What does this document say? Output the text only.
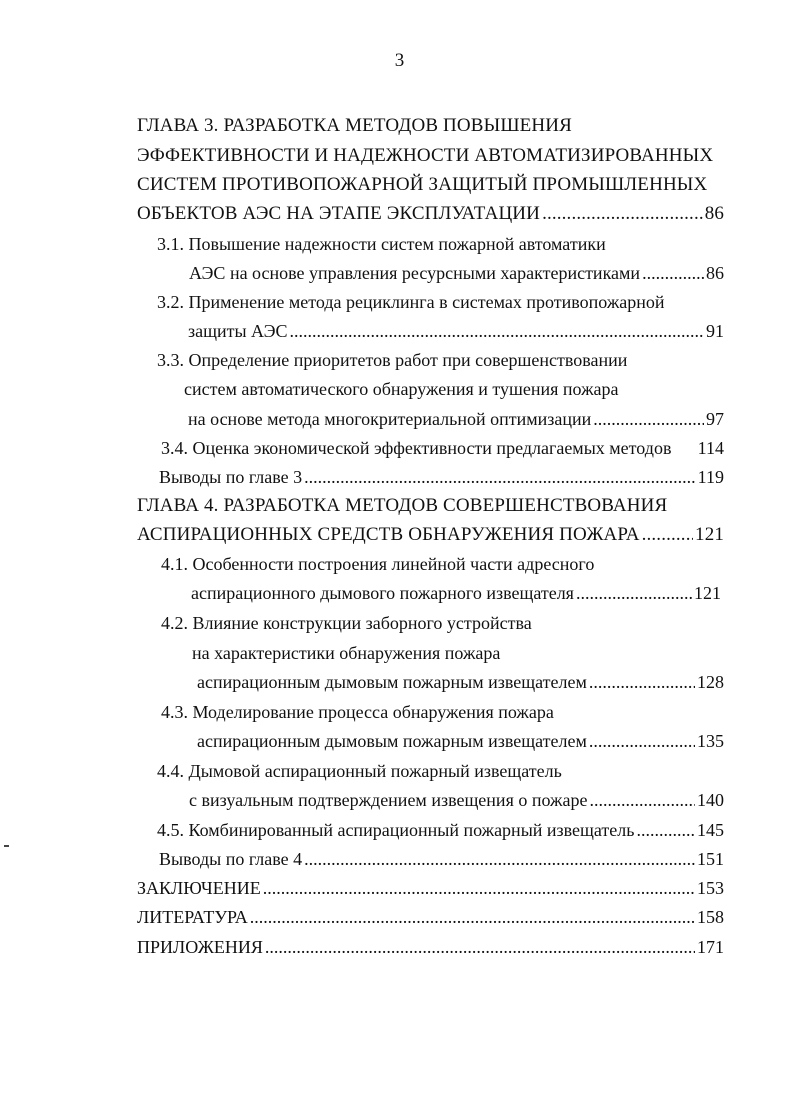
3
ГЛАВА 3. РАЗРАБОТКА МЕТОДОВ ПОВЫШЕНИЯ
ЭФФЕКТИВНОСТИ И НАДЕЖНОСТИ АВТОМАТИЗИРОВАННЫХ
СИСТЕМ ПРОТИВОПОЖАРНОЙ ЗАЩИТЫЙ ПРОМЫШЛЕННЫХ
ОБЪЕКТОВ АЭС НА ЭТАПЕ ЭКСПЛУАТАЦИИ .....	86
3.1. Повышение надежности систем пожарной автоматики
АЭС на основе управления ресурсными характеристиками .....	86
3.2. Применение метода рециклинга в системах противопожарной
защиты АЭС .....	91
3.3. Определение приоритетов работ при совершенствовании
систем автоматического обнаружения и тушения пожара
на основе метода многокритериальной оптимизации .....	97
3.4. Оценка экономической эффективности предлагаемых методов 114
Выводы по главе 3 .....	119
ГЛАВА 4. РАЗРАБОТКА МЕТОДОВ СОВЕРШЕНСТВОВАНИЯ
АСПИРАЦИОННЫХ СРЕДСТВ ОБНАРУЖЕНИЯ ПОЖАРА .....	121
4.1. Особенности построения линейной части адресного
аспирационного дымового пожарного извещателя .....	121
4.2. Влияние конструкции заборного устройства
на характеристики обнаружения пожара
аспирационным дымовым пожарным извещателем .....	128
4.3. Моделирование процесса обнаружения пожара
аспирационным дымовым пожарным извещателем .....	135
4.4. Дымовой аспирационный пожарный извещатель
с визуальным подтверждением извещения о пожаре .....	140
4.5. Комбинированный аспирационный пожарный извещатель .....	145
Выводы по главе 4 .....	151
ЗАКЛЮЧЕНИЕ .....	153
ЛИТЕРАТУРА .....	158
ПРИЛОЖЕНИЯ .....	171
